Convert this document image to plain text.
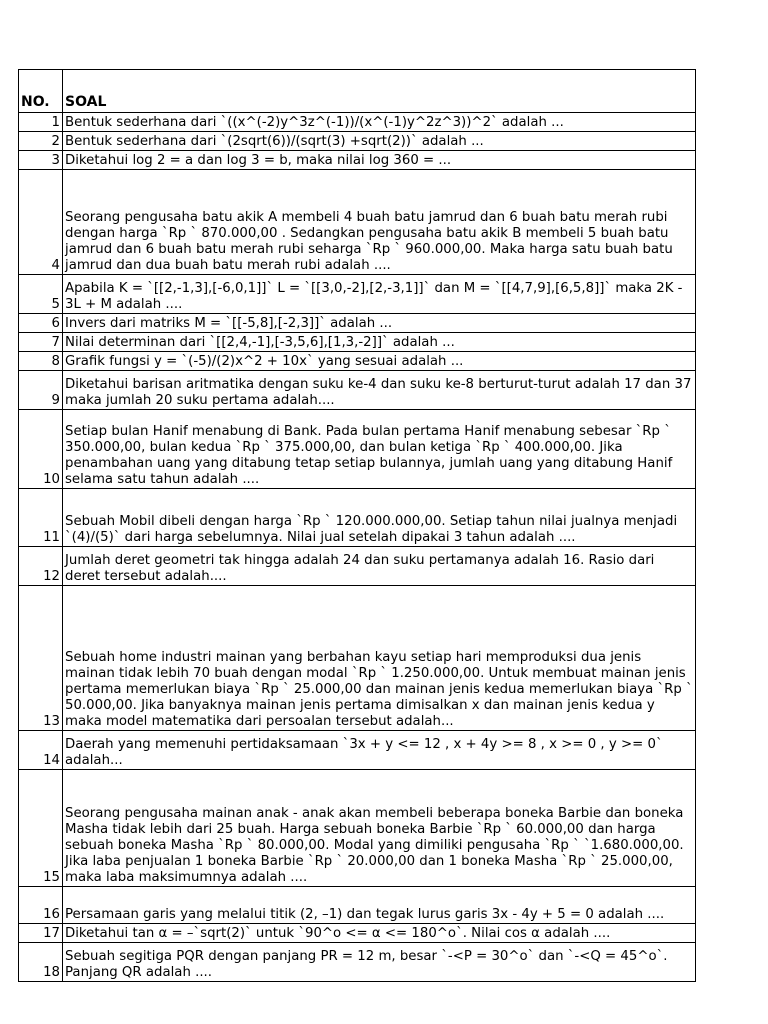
NO.	SOAL
1	Bentuk sederhana dari `((x^(-2)y^3z^(-1))/(x^(-1)y^2z^3))^2` adalah ...
2	Bentuk sederhana dari `(2sqrt(6))/(sqrt(3) +sqrt(2))` adalah ...
3	Diketahui log 2 = a dan log 3 = b, maka nilai log 360 = ...
4	Seorang pengusaha batu akik A membeli 4 buah batu jamrud dan 6 buah batu merah rubi dengan harga `Rp ` 870.000,00 . Sedangkan pengusaha batu akik B membeli 5 buah batu jamrud dan 6 buah batu merah rubi seharga `Rp ` 960.000,00. Maka harga satu buah batu jamrud dan dua buah batu merah rubi adalah ....
5	Apabila K = `[[2,-1,3],[-6,0,1]]` L = `[[3,0,-2],[2,-3,1]]` dan M = `[[4,7,9],[6,5,8]]` maka 2K - 3L + M adalah ....
6	Invers dari matriks M = `[[-5,8],[-2,3]]` adalah ...
7	Nilai determinan dari `[[2,4,-1],[-3,5,6],[1,3,-2]]` adalah ...
8	Grafik fungsi y = `(-5)/(2)x^2 + 10x` yang sesuai adalah ...
9	Diketahui barisan aritmatika dengan suku ke-4 dan suku ke-8 berturut-turut adalah 17 dan 37 maka jumlah 20 suku pertama adalah....
10	Setiap bulan Hanif menabung di Bank. Pada bulan pertama Hanif menabung sebesar `Rp ` 350.000,00, bulan kedua `Rp ` 375.000,00, dan bulan ketiga `Rp ` 400.000,00. Jika penambahan uang yang ditabung tetap setiap bulannya, jumlah uang yang ditabung Hanif selama satu tahun adalah ....
11	Sebuah Mobil dibeli dengan harga `Rp ` 120.000.000,00. Setiap tahun nilai jualnya menjadi `(4)/(5)` dari harga sebelumnya. Nilai jual setelah dipakai 3 tahun adalah ....
12	Jumlah deret geometri tak hingga adalah 24 dan suku pertamanya adalah 16. Rasio dari deret tersebut adalah....
13	Sebuah home industri mainan yang berbahan kayu setiap hari memproduksi dua jenis mainan tidak lebih 70 buah dengan modal `Rp ` 1.250.000,00. Untuk membuat mainan jenis pertama memerlukan biaya `Rp ` 25.000,00 dan mainan jenis kedua memerlukan biaya `Rp ` 50.000,00. Jika banyaknya mainan jenis pertama dimisalkan x dan mainan jenis kedua y maka model matematika dari persoalan tersebut adalah...
14	Daerah yang memenuhi pertidaksamaan `3x + y <= 12 , x + 4y >= 8 , x >= 0 , y >= 0` adalah...
15	Seorang pengusaha mainan anak - anak akan membeli beberapa boneka Barbie dan boneka Masha tidak lebih dari 25 buah. Harga sebuah boneka Barbie `Rp ` 60.000,00 dan harga sebuah boneka Masha `Rp ` 80.000,00. Modal yang dimiliki pengusaha `Rp ` `1.680.000,00. Jika laba penjualan 1 boneka Barbie `Rp ` 20.000,00 dan 1 boneka Masha `Rp ` 25.000,00, maka laba maksimumnya adalah ....
16	Persamaan garis yang melalui titik (2, –1) dan tegak lurus garis 3x - 4y + 5 = 0 adalah ....
17	Diketahui tan α = –`sqrt(2)` untuk `90^o <= α <= 180^o`. Nilai cos α adalah ....
18	Sebuah segitiga PQR dengan panjang PR = 12 m, besar `-<P = 30^o` dan `-<Q = 45^o`. Panjang QR adalah ....
